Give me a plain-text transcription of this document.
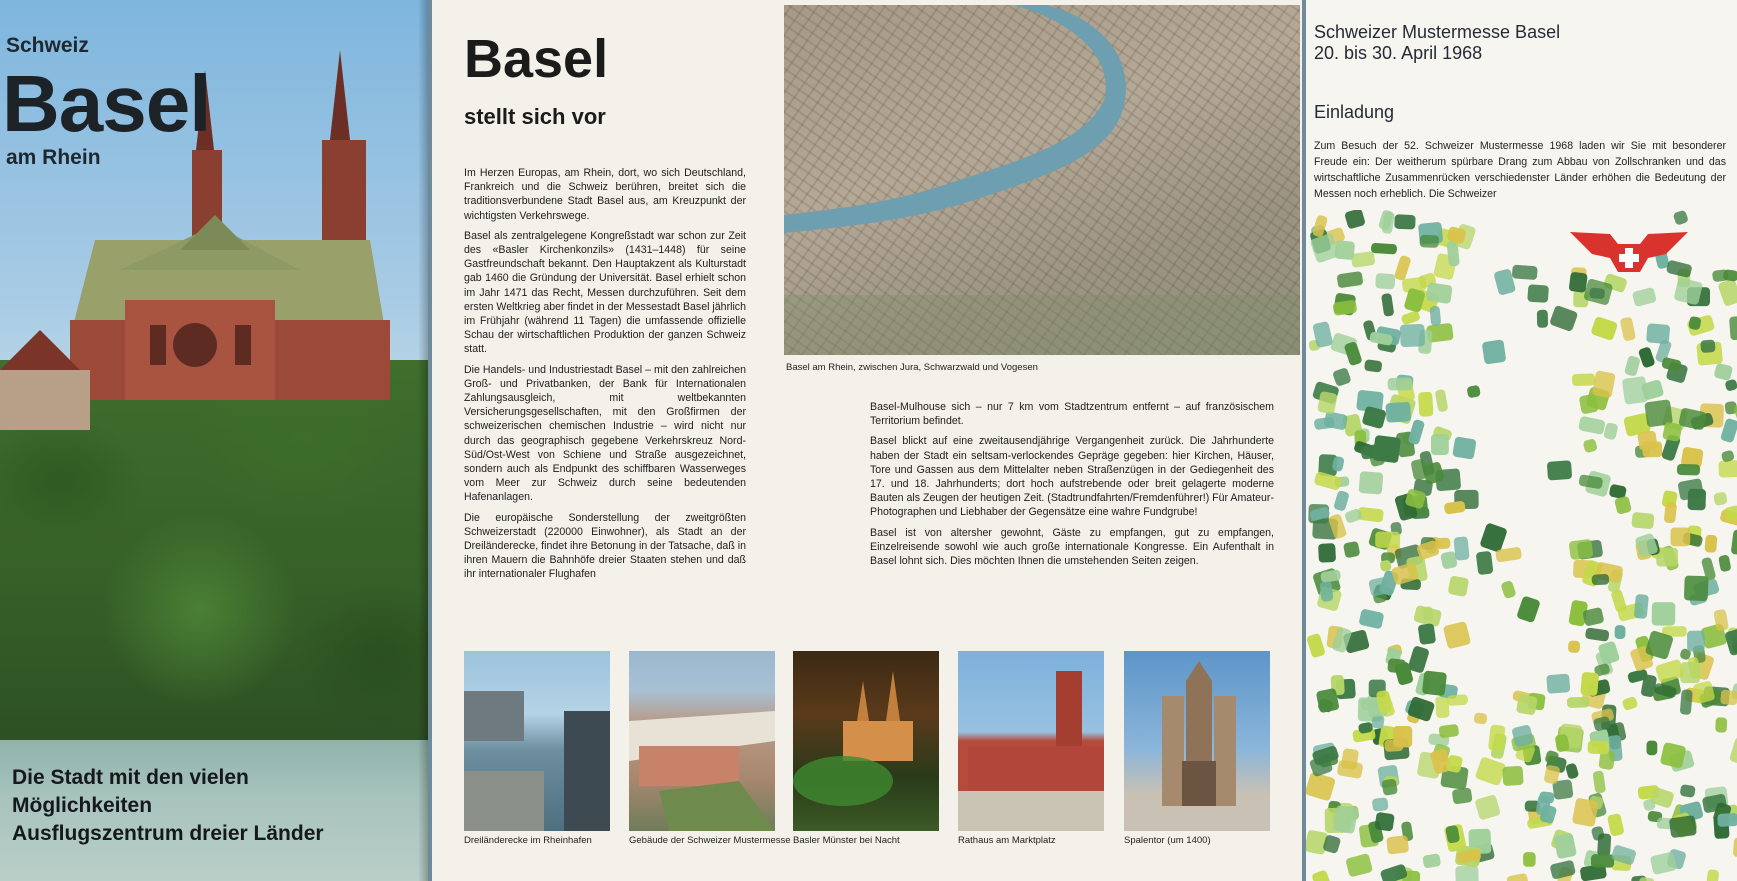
Schweiz
Basel
am Rhein
Die Stadt mit den vielen
Möglichkeiten
Ausflugszentrum dreier Länder
Basel
stellt sich vor

Im Herzen Europas, am Rhein, dort, wo sich Deutschland, Frankreich und die Schweiz berühren, breitet sich die traditionsverbundene Stadt Basel aus, am Kreuzpunkt der wichtigsten Verkehrswege.

Basel als zentralgelegene Kongreßstadt war schon zur Zeit des «Basler Kirchenkonzils» (1431–1448) für seine Gastfreundschaft bekannt. Den Hauptakzent als Kulturstadt gab 1460 die Gründung der Universität. Basel erhielt schon im Jahr 1471 das Recht, Messen durchzuführen. Seit dem ersten Weltkrieg aber findet in der Messestadt Basel jährlich im Frühjahr (während 11 Tagen) die umfassende offizielle Schau der wirtschaftlichen Produktion der ganzen Schweiz statt.

Die Handels- und Industriestadt Basel – mit den zahlreichen Groß- und Privatbanken, der Bank für Internationalen Zahlungsausgleich, mit weltbekannten Versicherungsgesellschaften, mit den Großfirmen der schweizerischen chemischen Industrie – wird nicht nur durch das geographisch gegebene Verkehrskreuz Nord-Süd/Ost-West von Schiene und Straße ausgezeichnet, sondern auch als Endpunkt des schiffbaren Wasserweges vom Meer zur Schweiz durch seine bedeutenden Hafenanlagen.

Die europäische Sonderstellung der zweitgrößten Schweizerstadt (220000 Einwohner), als Stadt an der Dreiländerecke, findet ihre Betonung in der Tatsache, daß in ihren Mauern die Bahnhöfe dreier Staaten stehen und daß ihr internationaler Flughafen

Basel am Rhein, zwischen Jura, Schwarzwald und Vogesen

Basel-Mulhouse sich – nur 7 km vom Stadtzentrum entfernt – auf französischem Territorium befindet.

Basel blickt auf eine zweitausendjährige Vergangenheit zurück. Die Jahrhunderte haben der Stadt ein seltsam-verlockendes Gepräge gegeben: hier Kirchen, Häuser, Tore und Gassen aus dem Mittelalter neben Straßenzügen in der Gediegenheit des 17. und 18. Jahrhunderts; dort hoch aufstrebende oder breit gelagerte moderne Bauten als Zeugen der heutigen Zeit. (Stadtrundfahrten/Fremdenführer!) Für Amateur-Photographen und Liebhaber der Gegensätze eine wahre Fundgrube!

Basel ist von altersher gewohnt, Gäste zu empfangen, gut zu empfangen, Einzelreisende sowohl wie auch große internationale Kongresse. Ein Aufenthalt in Basel lohnt sich. Dies möchten Ihnen die umstehenden Seiten zeigen.

Dreiländerecke im Rheinhafen	Gebäude der Schweizer Mustermesse Basler Münster bei Nacht	Rathaus am Marktplatz	Spalentor (um 1400)
Schweizer Mustermesse Basel
20. bis 30. April 1968
Einladung
Zum Besuch der 52. Schweizer Mustermesse 1968 laden wir Sie mit besonderer Freude ein: Der weitherum spürbare Drang zum Abbau von Zollschranken und das wirtschaftliche Zusammenrücken verschiedenster Länder erhöhen die Bedeutung der Messen noch erheblich. Die Schweizer
